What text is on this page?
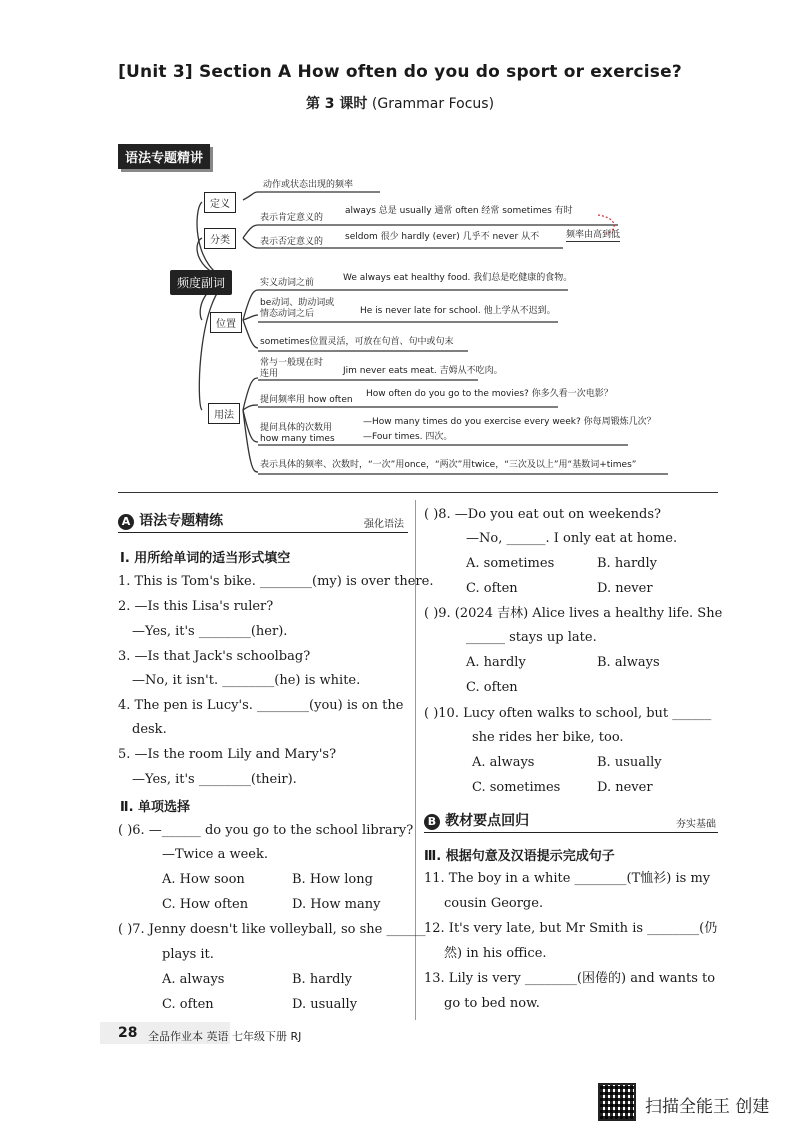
[Unit 3] Section A How often do you do sport or exercise?
第 3 课时 (Grammar Focus)
语法专题精讲
频度副词
定义
动作或状态出现的频率
分类
表示肯定意义的
always 总是 usually 通常 often 经常 sometimes 有时
表示否定意义的 seldom 很少 hardly (ever) 几乎不 never 从不	频率由高到低
位置
实义动词之前	We always eat healthy food. 我们总是吃健康的食物。
be动词、助动词或情态动词之后	He is never late for school. 他上学从不迟到。
sometimes位置灵活，可放在句首、句中或句末
用法
常与一般现在时连用	Jim never eats meat. 吉姆从不吃肉。
提问频率用 how often
How often do you go to the movies? 你多久看一次电影？
提问具体的次数用 how many times
—How many times do you exercise every week? 你每周锻炼几次？
—Four times. 四次。
表示具体的频率、次数时，“一次”用once，“两次”用twice，“三次及以上”用“基数词+times”
A 语法专题精练	强化语法
Ⅰ. 用所给单词的适当形式填空
1. This is Tom's bike. ________(my) is over there.
2. —Is this Lisa's ruler?
—Yes, it's ________(her).
3. —Is that Jack's schoolbag?
—No, it isn't. ________(he) is white.
4. The pen is Lucy's. ________(you) is on the
desk.
5. —Is the room Lily and Mary's?
—Yes, it's ________(their).
Ⅱ. 单项选择
( )6. —______ do you go to the school library?
—Twice a week.
A. How soon	B. How long
C. How often	D. How many
( )7. Jenny doesn't like volleyball, so she ______
plays it.
A. always	B. hardly
C. often	D. usually
( )8. —Do you eat out on weekends?
—No, ______. I only eat at home.
A. sometimes	B. hardly
C. often	D. never
( )9. (2024 吉林) Alice lives a healthy life. She
______ stays up late.
A. hardly	B. always
C. often
( )10. Lucy often walks to school, but ______
she rides her bike, too.
A. always	B. usually
C. sometimes	D. never
B 教材要点回归	夯实基础
Ⅲ. 根据句意及汉语提示完成句子
11. The boy in a white ________(T恤衫) is my
cousin George.
12. It's very late, but Mr Smith is ________(仍
然) in his office.
13. Lily is very ________(困倦的) and wants to
go to bed now.
28 全品作业本 英语 七年级下册 RJ
扫描全能王 创建
